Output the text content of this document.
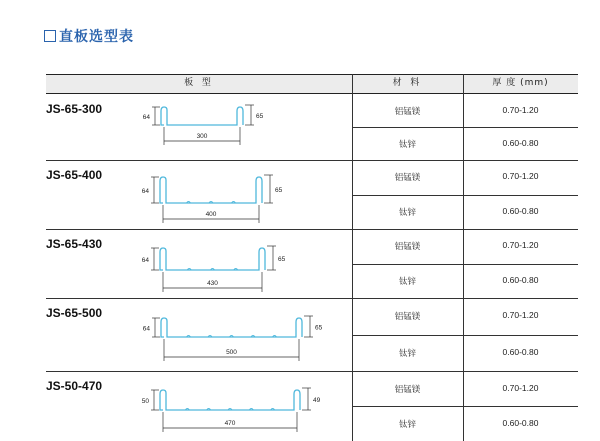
直板选型表
板 型	材 料	厚 度 (mm)
JS-65-300	铝锰镁	0.70-1.20
钛锌	0.60-0.80
64	65
300
JS-65-400	铝锰镁	0.70-1.20
钛锌	0.60-0.80
64	65
400
JS-65-430	铝锰镁	0.70-1.20
钛锌	0.60-0.80
64	65
430
JS-65-500	铝锰镁	0.70-1.20
钛锌	0.60-0.80
64	65
500
JS-50-470	铝锰镁	0.70-1.20
钛锌	0.60-0.80
50	49
470
